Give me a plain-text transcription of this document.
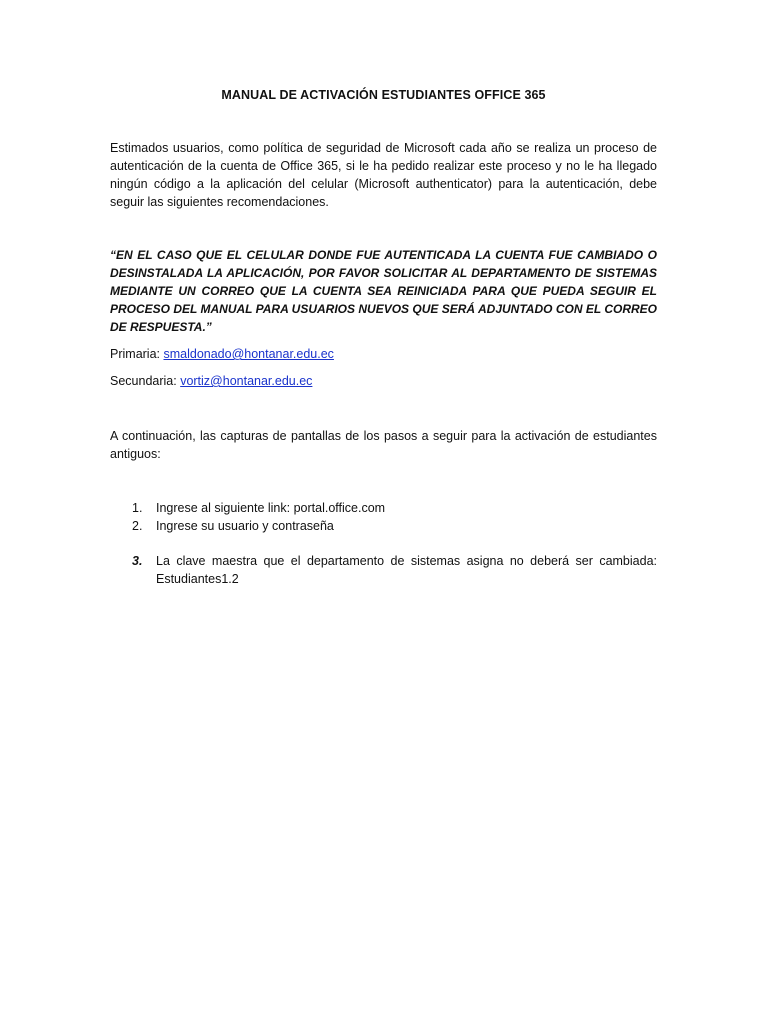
MANUAL DE ACTIVACIÓN ESTUDIANTES OFFICE 365

Estimados usuarios, como política de seguridad de Microsoft cada año se realiza un proceso de autenticación de la cuenta de Office 365, si le ha pedido realizar este proceso y no le ha llegado ningún código a la aplicación del celular (Microsoft authenticator) para la autenticación, debe seguir las siguientes recomendaciones.

“EN EL CASO QUE EL CELULAR DONDE FUE AUTENTICADA LA CUENTA FUE CAMBIADO O DESINSTALADA LA APLICACIÓN, POR FAVOR SOLICITAR AL DEPARTAMENTO DE SISTEMAS MEDIANTE UN CORREO QUE LA CUENTA SEA REINICIADA PARA QUE PUEDA SEGUIR EL PROCESO DEL MANUAL PARA USUARIOS NUEVOS QUE SERÁ ADJUNTADO CON EL CORREO DE RESPUESTA.”

Primaria: smaldonado@hontanar.edu.ec
Secundaria: vortiz@hontanar.edu.ec

A continuación, las capturas de pantallas de los pasos a seguir para la activación de estudiantes antiguos:

1. Ingrese al siguiente link: portal.office.com
2. Ingrese su usuario y contraseña
3. La clave maestra que el departamento de sistemas asigna no deberá ser cambiada: Estudiantes1.2
